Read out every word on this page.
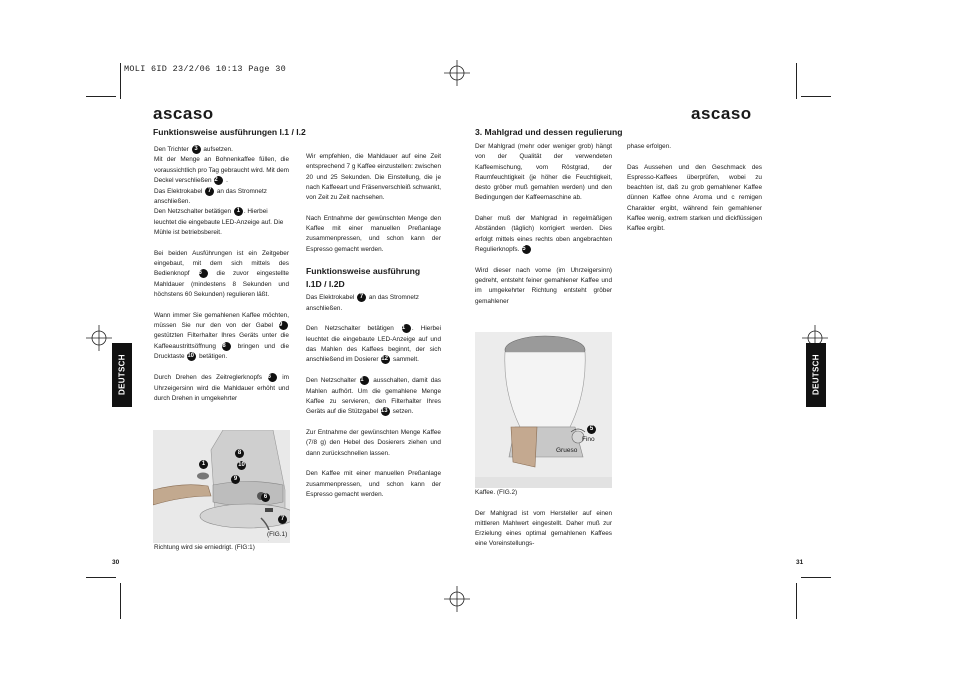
MOLI 6ID 23/2/06 10:13 Page 30
ascaso
Funktionsweise ausführungen I.1 / I.2
Den Trichter 3 aufsetzen.
Mit der Menge an Bohnenkaffee füllen, die voraussichtlich pro Tag gebraucht wird. Mit dem Deckel verschließen 2 .
Das Elektrokabel 7 an das Stromnetz anschließen.
Den Netzschalter betätigen 1 . Hierbei leuchtet die eingebaute LED-Anzeige auf. Die Mühle ist betriebsbereit.
Bei beiden Ausführungen ist ein Zeitgeber eingebaut, mit dem sich mittels des Bedienknopf 6 die zuvor eingestellte Mahldauer (mindestens 8 Sekunden und höchstens 60 Sekunden) regulieren läßt.
Wann immer Sie gemahlenen Kaffee möchten, müssen Sie nur den von der Gabel 9 gestützten Filterhalter Ihres Geräts unter die Kaffeeaustrittsöffnung 8 bringen und die Drucktaste 10 betätigen.
Durch Drehen des Zeitreglerknopfs 6 im Uhrzeigersinn wird die Mahldauer erhöht und durch Drehen in umgekehrter
1
8
10
9
6
7
(FIG.1)
Richtung wird sie erniedrigt. (FIG:1)
Wir empfehlen, die Mahldauer auf eine Zeit entsprechend 7 g Kaffee einzustellen: zwischen 20 und 25 Sekunden. Die Einstellung, die je nach Kaffeeart und Fräsenverschleiß schwankt, von Zeit zu Zeit nachsehen.
Nach Entnahme der gewünschten Menge den Kaffee mit einer manuellen Preßanlage zusammenpressen, und schon kann der Espresso gemacht werden.
Funktionsweise ausführung I.1D / I.2D
Das Elektrokabel 7 an das Stromnetz anschließen.
Den Netzschalter betätigen 1 . Hierbei leuchtet die eingebaute LED-Anzeige auf und das Mahlen des Kaffees beginnt, der sich anschließend im Dosierer 12 sammelt.
Den Netzschalter 1 ausschalten, damit das Mahlen aufhört. Um die gemahlene Menge Kaffee zu servieren, den Filterhalter Ihres Geräts auf die Stützgabel 13 setzen.
Zur Entnahme der gewünschten Menge Kaffee (7/8 g) den Hebel des Dosierers ziehen und dann zurückschnellen lassen.
Den Kaffee mit einer manuellen Preßanlage zusammenpressen, und schon kann der Espresso gemacht werden.
DEUTSCH
30
ascaso
3. Mahlgrad und dessen regulierung
Der Mahlgrad (mehr oder weniger grob) hängt von der Qualität der verwendeten Kaffeemischung, vom Röstgrad, der Raumfeuchtigkeit (je höher die Feuchtigkeit, desto gröber muß gemahlen werden) und den Bedingungen der Kaffeemaschine ab.
Daher muß der Mahlgrad in regelmäßigen Abständen (täglich) korrigiert werden. Dies erfolgt mittels eines rechts oben angebrachten Regulierknopfs. 5
Wird dieser nach vorne (im Uhrzeigersinn) gedreht, entsteht feiner gemahlener Kaffee und im umgekehrter Richtung entsteht gröber gemahlener
5
Fino
Grueso
Kaffee. (FIG.2)
Der Mahlgrad ist vom Hersteller auf einen mittleren Mahlwert eingestellt. Daher muß zur Erzielung eines optimal gemahlenen Kaffees eine Voreinstellungs-
phase erfolgen.
Das Aussehen und den Geschmack des Espresso-Kaffees überprüfen, wobei zu beachten ist, daß zu grob gemahlener Kaffee dünnen Kaffee ohne Aroma und c remigen Charakter ergibt, während fein gemahlener Kaffee wenig, extrem starken und dickflüssigen Kaffee ergibt.
DEUTSCH
31
